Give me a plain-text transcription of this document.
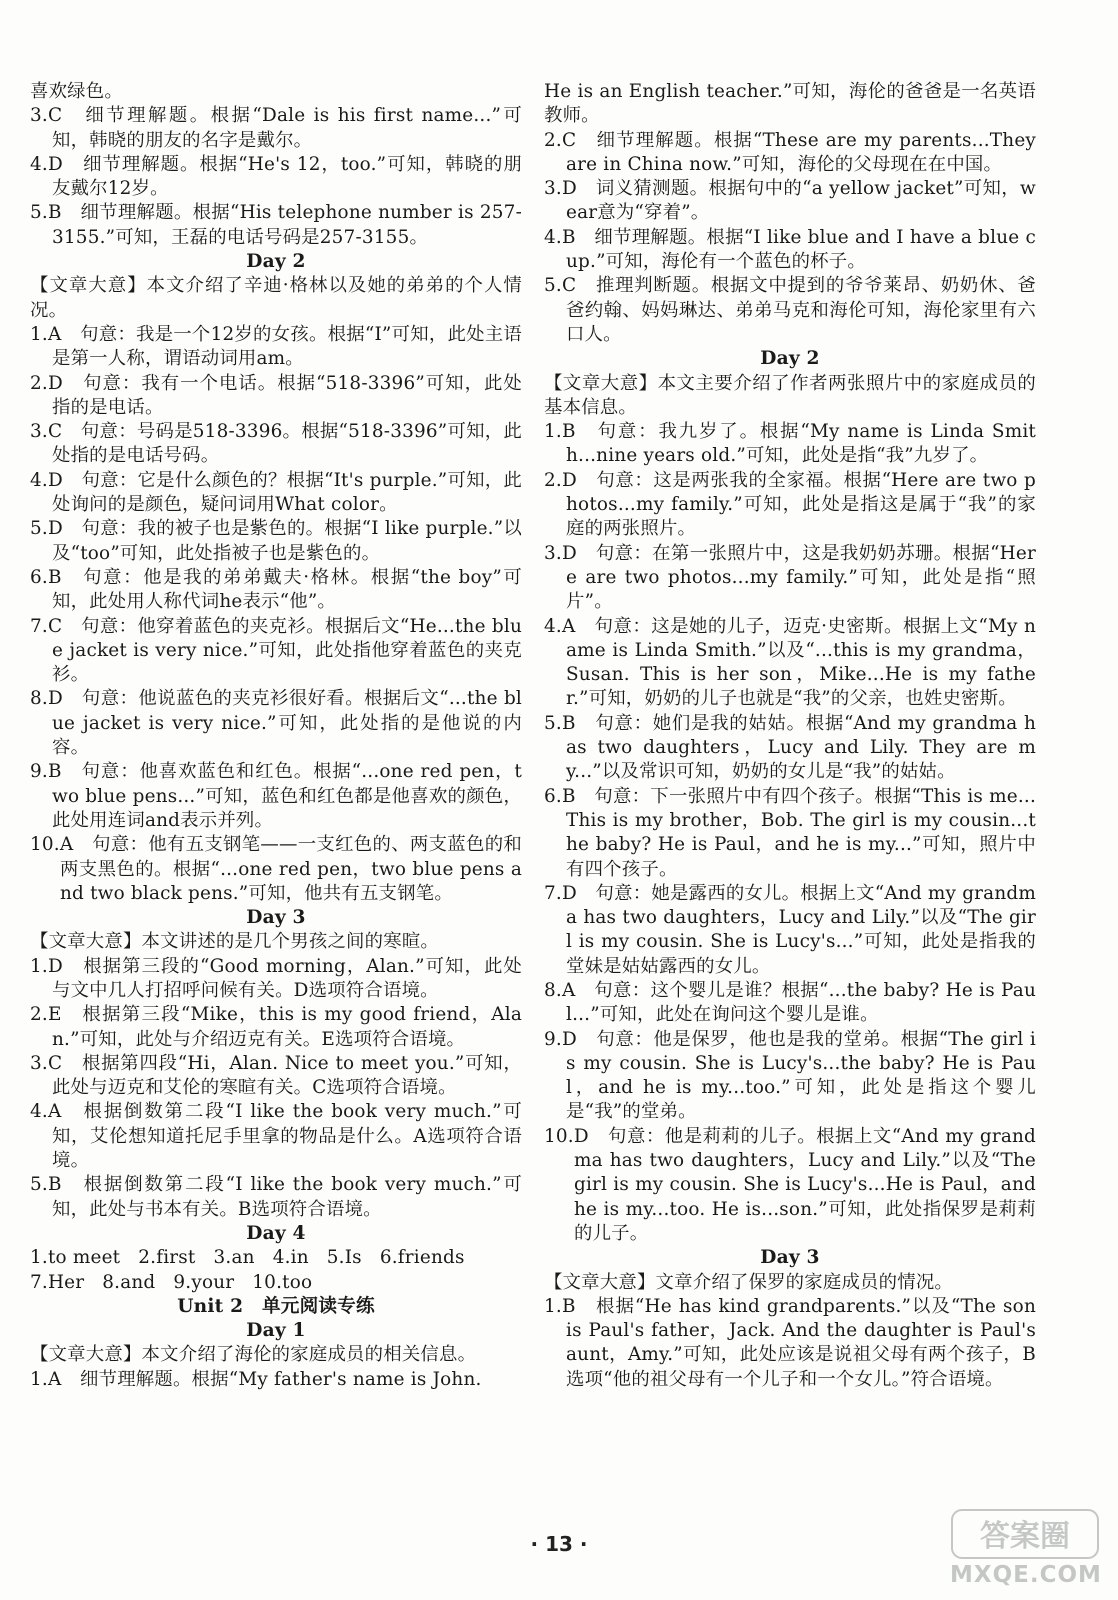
喜欢绿色。

3.C　细节理解题。根据“Dale is his first name...”可知，韩晓的朋友的名字是戴尔。

4.D　细节理解题。根据“He's 12，too.”可知，韩晓的朋友戴尔12岁。

5.B　细节理解题。根据“His telephone number is 257-3155.”可知，王磊的电话号码是257-3155。

Day 2

【文章大意】本文介绍了辛迪·格林以及她的弟弟的个人情况。

1.A　句意：我是一个12岁的女孩。根据“I”可知，此处主语是第一人称，谓语动词用am。

2.D　句意：我有一个电话。根据“518-3396”可知，此处指的是电话。

3.C　句意：号码是518-3396。根据“518-3396”可知，此处指的是电话号码。

4.D　句意：它是什么颜色的？根据“It's purple.”可知，此处询问的是颜色，疑问词用What color。

5.D　句意：我的被子也是紫色的。根据“I like purple.”以及“too”可知，此处指被子也是紫色的。

6.B　句意：他是我的弟弟戴夫·格林。根据“the boy”可知，此处用人称代词he表示“他”。

7.C　句意：他穿着蓝色的夹克衫。根据后文“He...the blue jacket is very nice.”可知，此处指他穿着蓝色的夹克衫。

8.D　句意：他说蓝色的夹克衫很好看。根据后文“...the blue jacket is very nice.”可知，此处指的是他说的内容。

9.B　句意：他喜欢蓝色和红色。根据“...one red pen，two blue pens...”可知，蓝色和红色都是他喜欢的颜色，此处用连词and表示并列。

10.A　句意：他有五支钢笔——一支红色的、两支蓝色的和两支黑色的。根据“...one red pen，two blue pens and two black pens.”可知，他共有五支钢笔。

Day 3

【文章大意】本文讲述的是几个男孩之间的寒暄。

1.D　根据第三段的“Good morning，Alan.”可知，此处与文中几人打招呼问候有关。D选项符合语境。

2.E　根据第三段“Mike，this is my good friend，Alan.”可知，此处与介绍迈克有关。E选项符合语境。

3.C　根据第四段“Hi，Alan. Nice to meet you.”可知，此处与迈克和艾伦的寒暄有关。C选项符合语境。

4.A　根据倒数第二段“I like the book very much.”可知，艾伦想知道托尼手里拿的物品是什么。A选项符合语境。

5.B　根据倒数第二段“I like the book very much.”可知，此处与书本有关。B选项符合语境。

Day 4

1.to meet 2.first 3.an 4.in 5.Is 6.friends

7.Her 8.and 9.your 10.too

Unit 2　单元阅读专练

Day 1

【文章大意】本文介绍了海伦的家庭成员的相关信息。

1.A　细节理解题。根据“My father's name is John.

He is an English teacher.”可知，海伦的爸爸是一名英语教师。

2.C　细节理解题。根据“These are my parents...They are in China now.”可知，海伦的父母现在在中国。

3.D　词义猜测题。根据句中的“a yellow jacket”可知，wear意为“穿着”。

4.B　细节理解题。根据“I like blue and I have a blue cup.”可知，海伦有一个蓝色的杯子。

5.C　推理判断题。根据文中提到的爷爷莱昂、奶奶休、爸爸约翰、妈妈琳达、弟弟马克和海伦可知，海伦家里有六口人。

Day 2

【文章大意】本文主要介绍了作者两张照片中的家庭成员的基本信息。

1.B　句意：我九岁了。根据“My name is Linda Smith...nine years old.”可知，此处是指“我”九岁了。

2.D　句意：这是两张我的全家福。根据“Here are two photos...my family.”可知，此处是指这是属于“我”的家庭的两张照片。

3.D　句意：在第一张照片中，这是我奶奶苏珊。根据“Here are two photos...my family.”可知，此处是指“照片”。

4.A　句意：这是她的儿子，迈克·史密斯。根据上文“My name is Linda Smith.”以及“...this is my grandma，Susan. This is her son，Mike...He is my father.”可知，奶奶的儿子也就是“我”的父亲，也姓史密斯。

5.B　句意：她们是我的姑姑。根据“And my grandma has two daughters，Lucy and Lily. They are my...”以及常识可知，奶奶的女儿是“我”的姑姑。

6.B　句意：下一张照片中有四个孩子。根据“This is me...This is my brother，Bob. The girl is my cousin...the baby? He is Paul，and he is my...”可知，照片中有四个孩子。

7.D　句意：她是露西的女儿。根据上文“And my grandma has two daughters，Lucy and Lily.”以及“The girl is my cousin. She is Lucy's...”可知，此处是指我的堂妹是姑姑露西的女儿。

8.A　句意：这个婴儿是谁？根据“...the baby? He is Paul...”可知，此处在询问这个婴儿是谁。

9.D　句意：他是保罗，他也是我的堂弟。根据“The girl is my cousin. She is Lucy's...the baby? He is Paul，and he is my...too.”可知，此处是指这个婴儿是“我”的堂弟。

10.D　句意：他是莉莉的儿子。根据上文“And my grandma has two daughters，Lucy and Lily.”以及“The girl is my cousin. She is Lucy's...He is Paul，and he is my...too. He is...son.”可知，此处指保罗是莉莉的儿子。

Day 3

【文章大意】文章介绍了保罗的家庭成员的情况。

1.B　根据“He has kind grandparents.”以及“The son is Paul's father，Jack. And the daughter is Paul's aunt，Amy.”可知，此处应该是说祖父母有两个孩子，B选项“他的祖父母有一个儿子和一个女儿。”符合语境。

· 13 ·	答案圈
MXQE.COM
